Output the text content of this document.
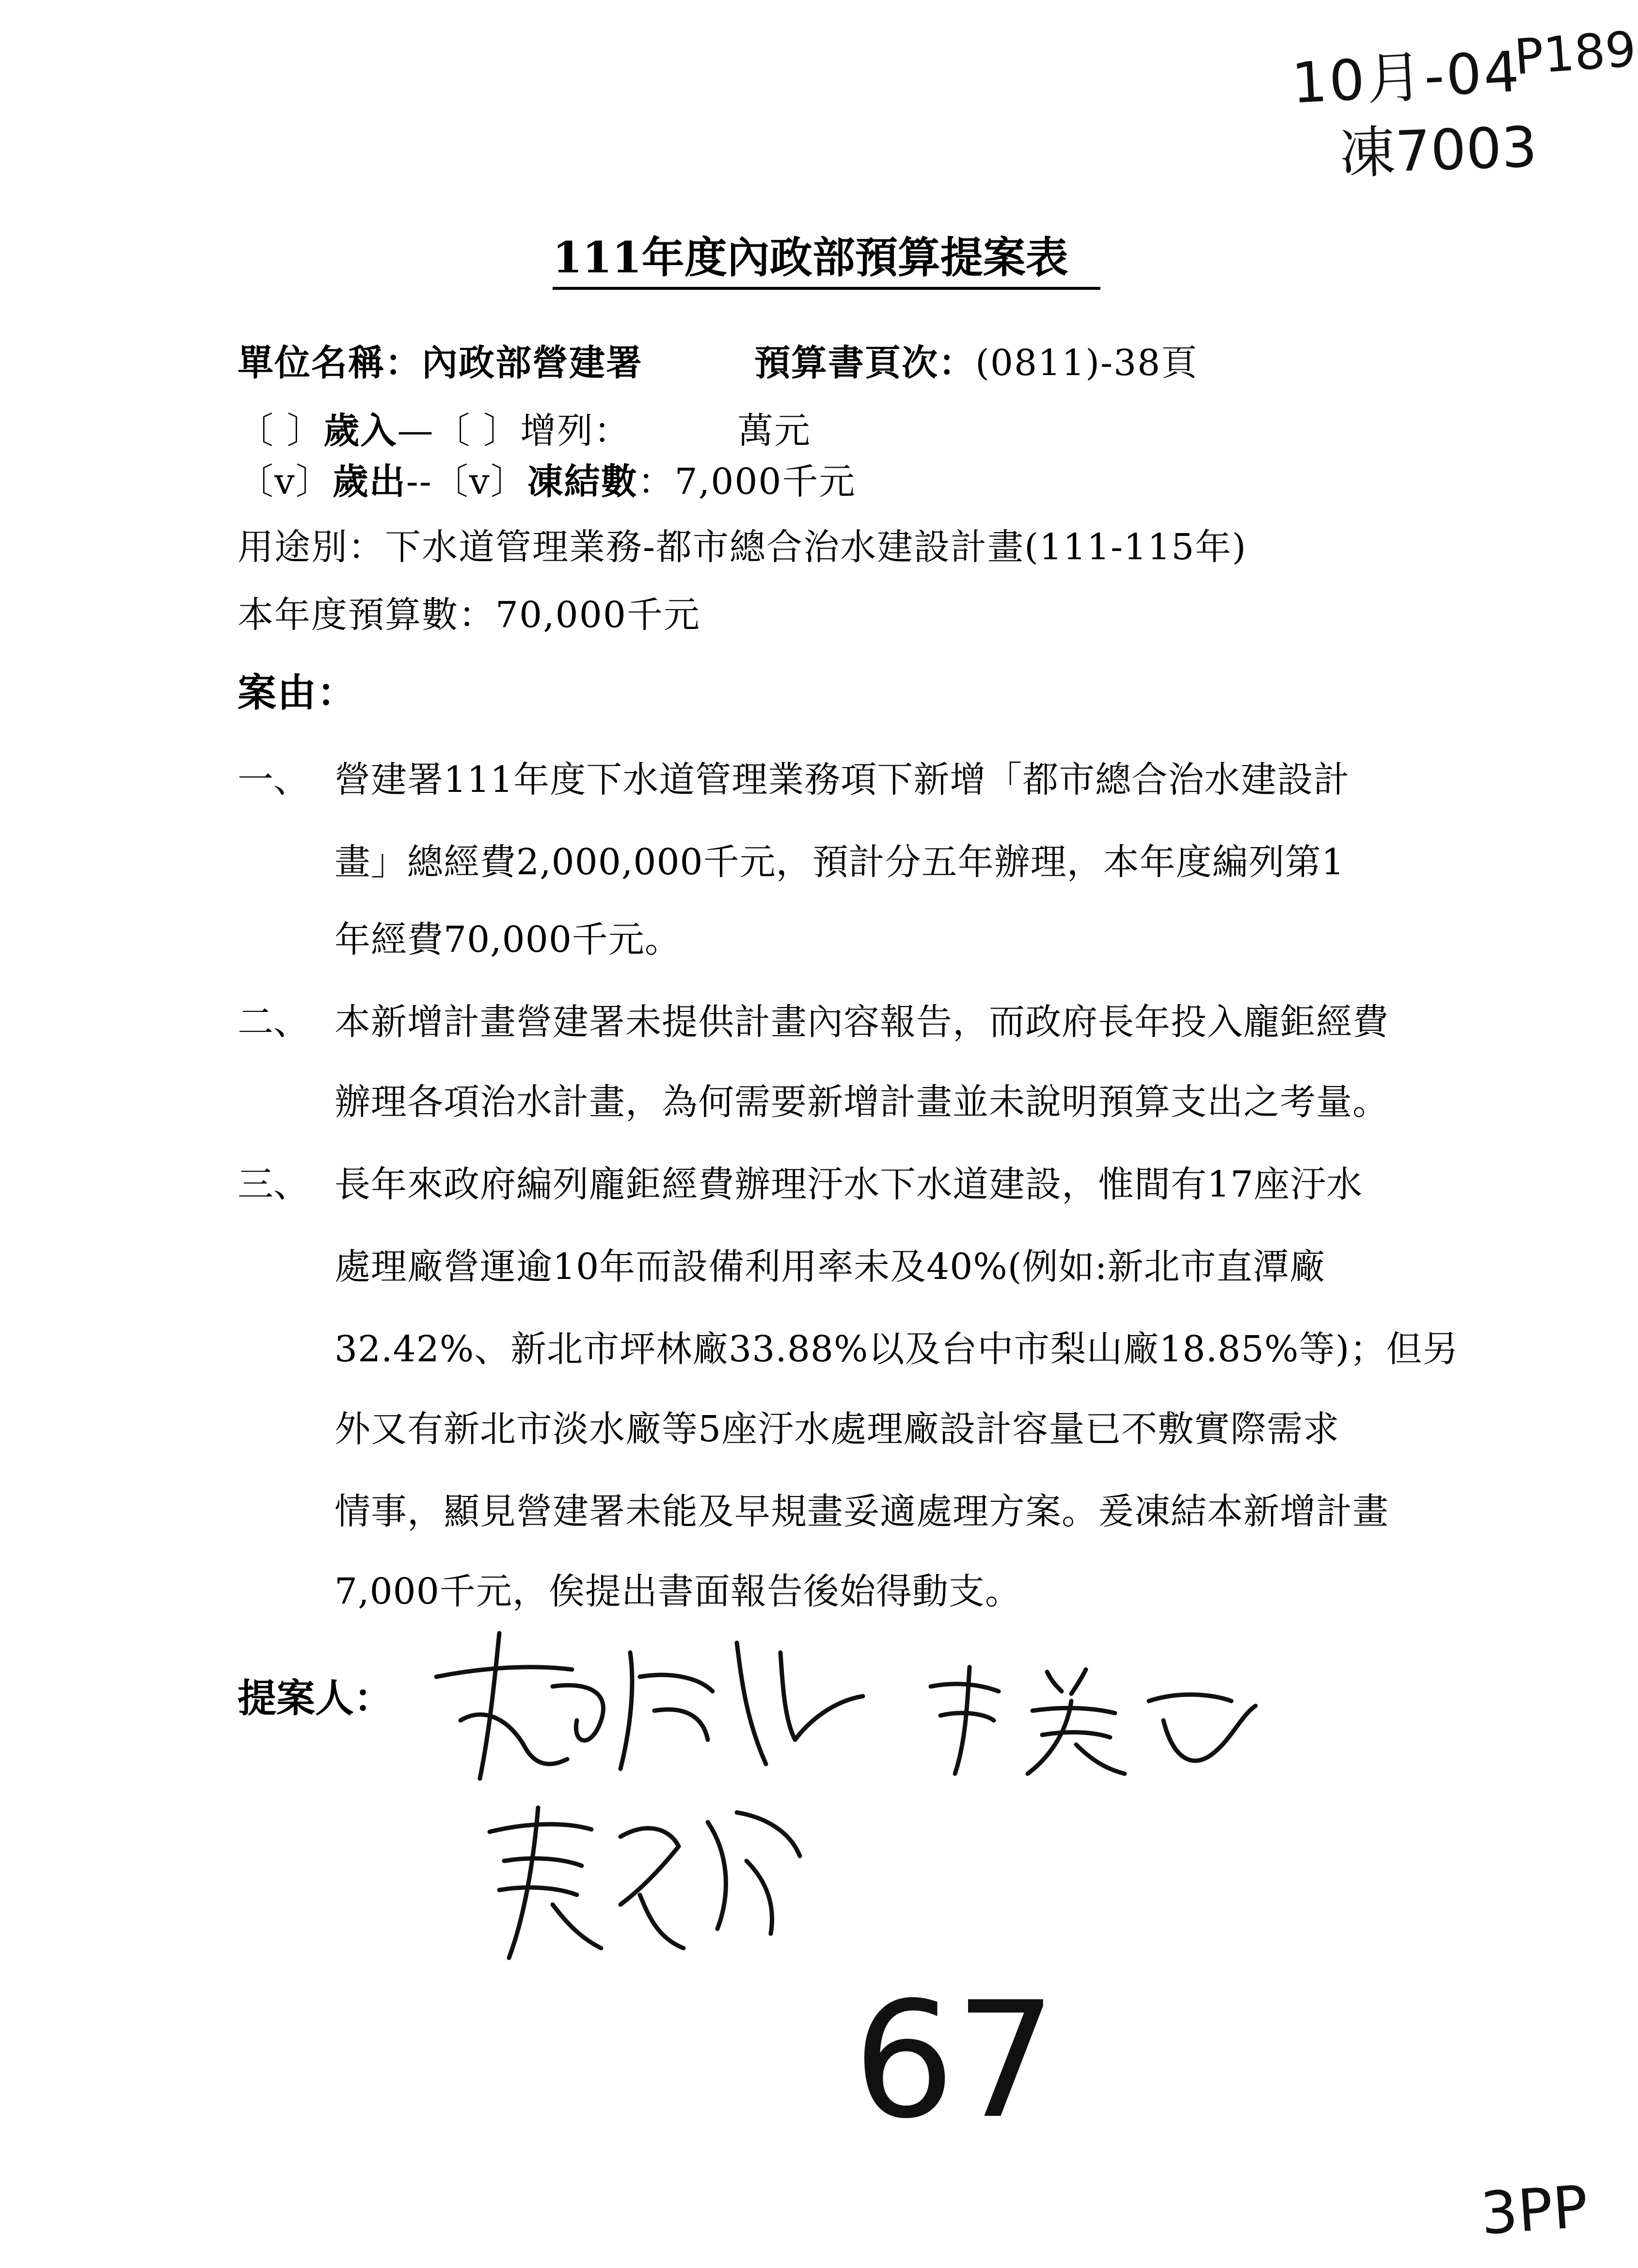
10月-04
P189
凍7003
111年度內政部預算提案表
單位名稱：內政部營建署	預算書頁次：(0811)-38頁
〔 〕歲入—〔 〕增列：	萬元
〔v〕歲出--〔v〕凍結數：7,000千元
用途別：下水道管理業務-都市總合治水建設計畫(111-115年)
本年度預算數：70,000千元
案由：
一、 營建署111年度下水道管理業務項下新增「都市總合治水建設計
畫」總經費2,000,000千元，預計分五年辦理，本年度編列第1
年經費70,000千元。
二、 本新增計畫營建署未提供計畫內容報告，而政府長年投入龐鉅經費
辦理各項治水計畫，為何需要新增計畫並未說明預算支出之考量。
三、 長年來政府編列龐鉅經費辦理汙水下水道建設，惟間有17座汙水
處理廠營運逾10年而設備利用率未及40%(例如:新北市直潭廠
32.42%、新北市坪林廠33.88%以及台中市梨山廠18.85%等)；但另
外又有新北市淡水廠等5座汙水處理廠設計容量已不敷實際需求
情事，顯見營建署未能及早規畫妥適處理方案。爰凍結本新增計畫
7,000千元，俟提出書面報告後始得動支。
提案人：
67
3PP
